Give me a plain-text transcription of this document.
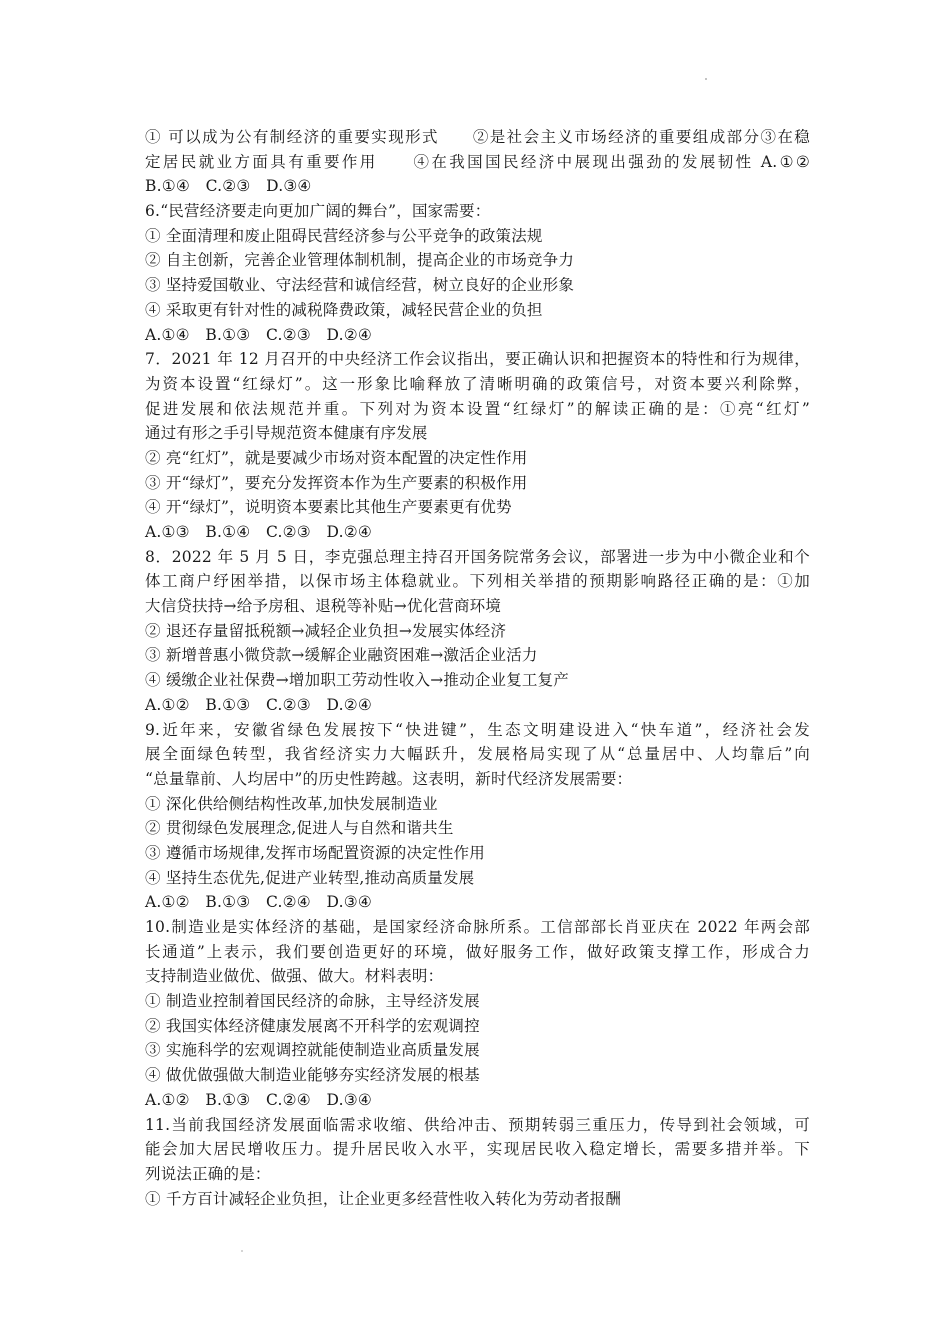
① 可以成为公有制经济的重要实现形式　　②是社会主义市场经济的重要组成部分③在稳
定居民就业方面具有重要作用　　④在我国国民经济中展现出强劲的发展韧性 A.①②
B.①④　C.②③　D.③④
6.“民营经济要走向更加广阔的舞台”，国家需要：
① 全面清理和废止阻碍民营经济参与公平竞争的政策法规
② 自主创新，完善企业管理体制机制，提高企业的市场竞争力
③ 坚持爱国敬业、守法经营和诚信经营，树立良好的企业形象
④ 采取更有针对性的减税降费政策，减轻民营企业的负担
A.①④　B.①③　C.②③　D.②④
7．2021 年 12 月召开的中央经济工作会议指出，要正确认识和把握资本的特性和行为规律，
为资本设置“红绿灯”。这一形象比喻释放了清晰明确的政策信号，对资本要兴利除弊，
促进发展和依法规范并重。下列对为资本设置“红绿灯”的解读正确的是：①亮“红灯”
通过有形之手引导规范资本健康有序发展
② 亮“红灯”，就是要减少市场对资本配置的决定性作用
③ 开“绿灯”，要充分发挥资本作为生产要素的积极作用
④ 开“绿灯”，说明资本要素比其他生产要素更有优势
A.①③　B.①④　C.②③　D.②④
8．2022 年 5 月 5 日，李克强总理主持召开国务院常务会议，部署进一步为中小微企业和个
体工商户纾困举措，以保市场主体稳就业。下列相关举措的预期影响路径正确的是：①加
大信贷扶持→给予房租、退税等补贴→优化营商环境
② 退还存量留抵税额→减轻企业负担→发展实体经济
③ 新增普惠小微贷款→缓解企业融资困难→激活企业活力
④ 缓缴企业社保费→增加职工劳动性收入→推动企业复工复产
A.①②　B.①③　C.②③　D.②④
9.近年来，安徽省绿色发展按下“快进键”，生态文明建设进入“快车道”，经济社会发
展全面绿色转型，我省经济实力大幅跃升，发展格局实现了从“总量居中、人均靠后”向
“总量靠前、人均居中”的历史性跨越。这表明，新时代经济发展需要：
① 深化供给侧结构性改革,加快发展制造业
② 贯彻绿色发展理念,促进人与自然和谐共生
③ 遵循市场规律,发挥市场配置资源的决定性作用
④ 坚持生态优先,促进产业转型,推动高质量发展
A.①②　B.①③　C.②④　D.③④
10.制造业是实体经济的基础，是国家经济命脉所系。工信部部长肖亚庆在 2022 年两会部
长通道”上表示，我们要创造更好的环境，做好服务工作，做好政策支撑工作，形成合力
支持制造业做优、做强、做大。材料表明：
① 制造业控制着国民经济的命脉，主导经济发展
② 我国实体经济健康发展离不开科学的宏观调控
③ 实施科学的宏观调控就能使制造业高质量发展
④ 做优做强做大制造业能够夯实经济发展的根基
A.①②　B.①③　C.②④　D.③④
11.当前我国经济发展面临需求收缩、供给冲击、预期转弱三重压力，传导到社会领域，可
能会加大居民增收压力。提升居民收入水平，实现居民收入稳定增长，需要多措并举。下
列说法正确的是：
① 千方百计减轻企业负担，让企业更多经营性收入转化为劳动者报酬
